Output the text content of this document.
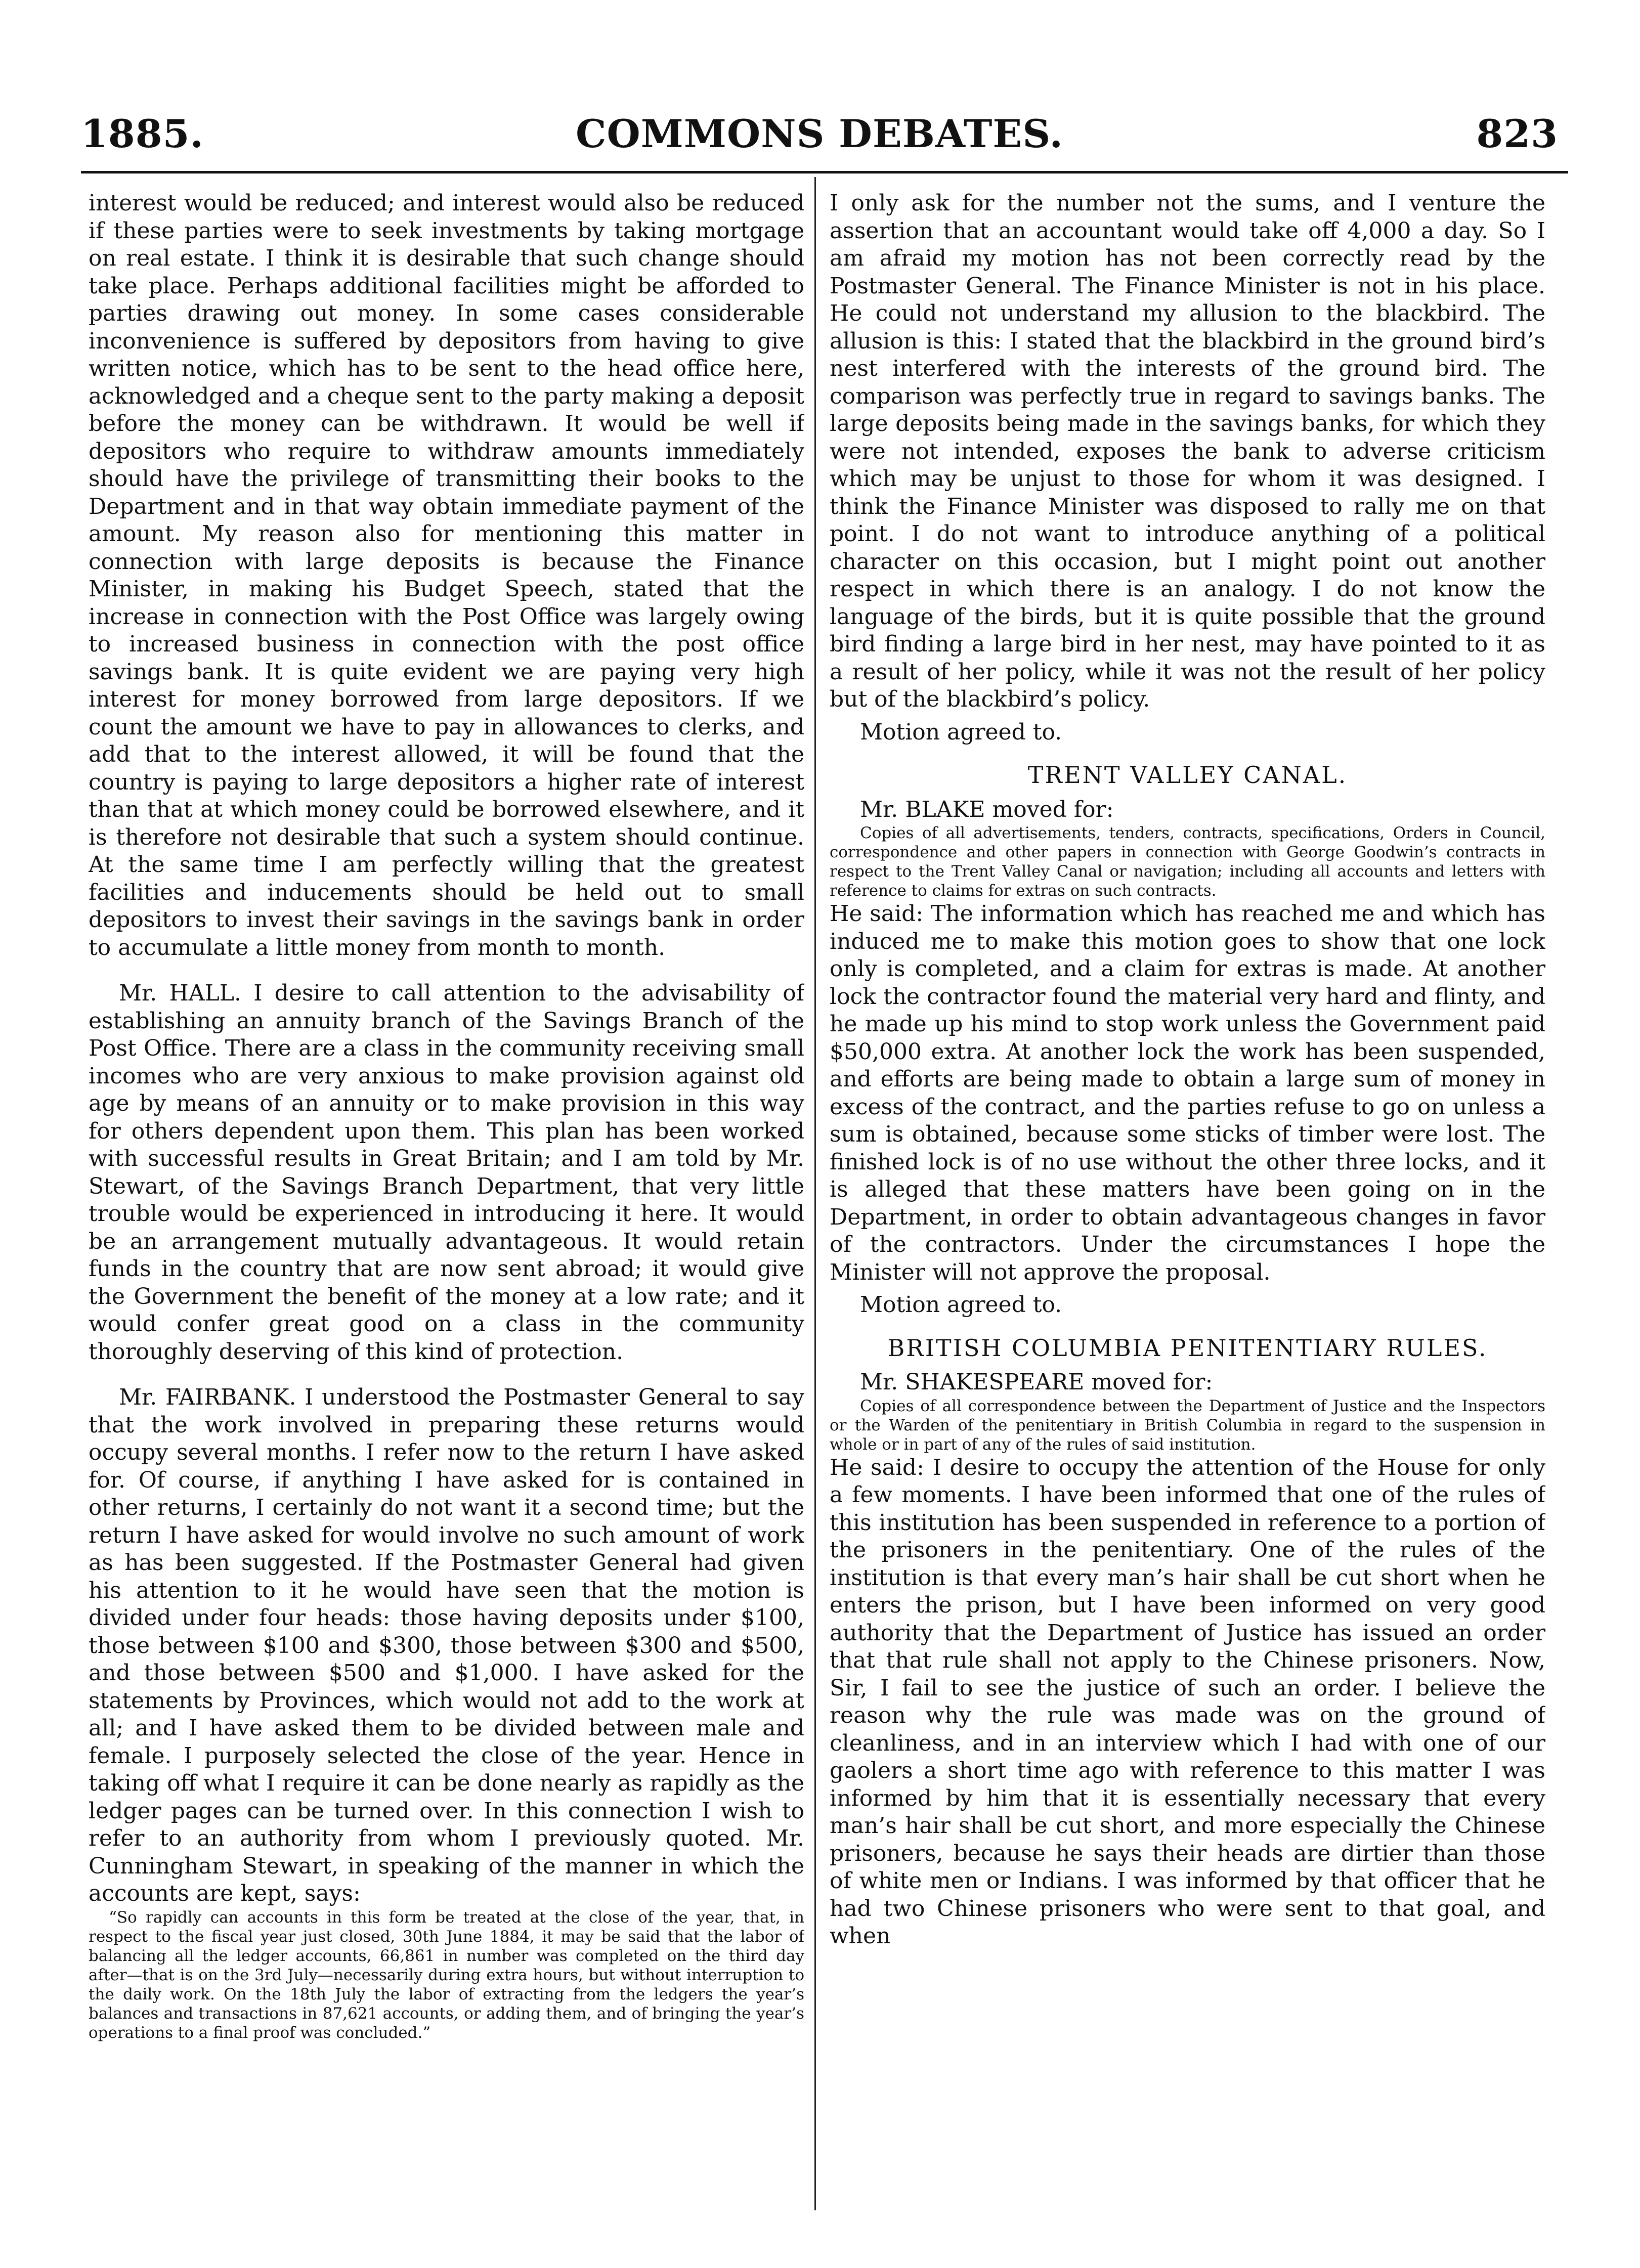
1885.	COMMONS DEBATES.	823

interest would be reduced; and interest would also be reduced if these parties were to seek investments by taking mortgage on real estate. I think it is desirable that such change should take place. Perhaps additional facilities might be afforded to parties drawing out money. In some cases considerable inconvenience is suffered by depositors from having to give written notice, which has to be sent to the head office here, acknowledged and a cheque sent to the party making a deposit before the money can be withdrawn. It would be well if depositors who require to withdraw amounts immediately should have the privilege of transmitting their books to the Department and in that way obtain immediate payment of the amount. My reason also for mentioning this matter in connection with large deposits is because the Finance Minister, in making his Budget Speech, stated that the increase in connection with the Post Office was largely owing to increased business in connection with the post office savings bank. It is quite evident we are paying very high interest for money borrowed from large depositors. If we count the amount we have to pay in allowances to clerks, and add that to the interest allowed, it will be found that the country is paying to large depositors a higher rate of interest than that at which money could be borrowed elsewhere, and it is therefore not desirable that such a system should continue. At the same time I am perfectly willing that the greatest facilities and inducements should be held out to small depositors to invest their savings in the savings bank in order to accumulate a little money from month to month.

Mr. HALL. I desire to call attention to the advisability of establishing an annuity branch of the Savings Branch of the Post Office. There are a class in the community receiving small incomes who are very anxious to make provision against old age by means of an annuity or to make provision in this way for others dependent upon them. This plan has been worked with successful results in Great Britain; and I am told by Mr. Stewart, of the Savings Branch Department, that very little trouble would be experienced in introducing it here. It would be an arrangement mutually advantageous. It would retain funds in the country that are now sent abroad; it would give the Government the benefit of the money at a low rate; and it would confer great good on a class in the community thoroughly deserving of this kind of protection.

Mr. FAIRBANK. I understood the Postmaster General to say that the work involved in preparing these returns would occupy several months. I refer now to the return I have asked for. Of course, if anything I have asked for is contained in other returns, I certainly do not want it a second time; but the return I have asked for would involve no such amount of work as has been suggested. If the Postmaster General had given his attention to it he would have seen that the motion is divided under four heads: those having deposits under $100, those between $100 and $300, those between $300 and $500, and those between $500 and $1,000. I have asked for the statements by Provinces, which would not add to the work at all; and I have asked them to be divided between male and female. I purposely selected the close of the year. Hence in taking off what I require it can be done nearly as rapidly as the ledger pages can be turned over. In this connection I wish to refer to an authority from whom I previously quoted. Mr. Cunningham Stewart, in speaking of the manner in which the accounts are kept, says:

“So rapidly can accounts in this form be treated at the close of the year, that, in respect to the fiscal year just closed, 30th June 1884, it may be said that the labor of balancing all the ledger accounts, 66,861 in number was completed on the third day after—that is on the 3rd July—necessarily during extra hours, but without interruption to the daily work. On the 18th July the labor of extracting from the ledgers the year’s balances and transactions in 87,621 accounts, or adding them, and of bringing the year’s operations to a final proof was concluded.”

I only ask for the number not the sums, and I venture the assertion that an accountant would take off 4,000 a day. So I am afraid my motion has not been correctly read by the Postmaster General. The Finance Minister is not in his place. He could not understand my allusion to the blackbird. The allusion is this: I stated that the blackbird in the ground bird’s nest interfered with the interests of the ground bird. The comparison was perfectly true in regard to savings banks. The large deposits being made in the savings banks, for which they were not intended, exposes the bank to adverse criticism which may be unjust to those for whom it was designed. I think the Finance Minister was disposed to rally me on that point. I do not want to introduce anything of a political character on this occasion, but I might point out another respect in which there is an analogy. I do not know the language of the birds, but it is quite possible that the ground bird finding a large bird in her nest, may have pointed to it as a result of her policy, while it was not the result of her policy but of the blackbird’s policy.

Motion agreed to.

TRENT VALLEY CANAL.

Mr. BLAKE moved for:

Copies of all advertisements, tenders, contracts, specifications, Orders in Council, correspondence and other papers in connection with George Goodwin’s contracts in respect to the Trent Valley Canal or navigation; including all accounts and letters with reference to claims for extras on such contracts.

He said: The information which has reached me and which has induced me to make this motion goes to show that one lock only is completed, and a claim for extras is made. At another lock the contractor found the material very hard and flinty, and he made up his mind to stop work unless the Government paid $50,000 extra. At another lock the work has been suspended, and efforts are being made to obtain a large sum of money in excess of the contract, and the parties refuse to go on unless a sum is obtained, because some sticks of timber were lost. The finished lock is of no use without the other three locks, and it is alleged that these matters have been going on in the Department, in order to obtain advantageous changes in favor of the contractors. Under the circumstances I hope the Minister will not approve the proposal.

Motion agreed to.

BRITISH COLUMBIA PENITENTIARY RULES.

Mr. SHAKESPEARE moved for:

Copies of all correspondence between the Department of Justice and the Inspectors or the Warden of the penitentiary in British Columbia in regard to the suspension in whole or in part of any of the rules of said institution.

He said: I desire to occupy the attention of the House for only a few moments. I have been informed that one of the rules of this institution has been suspended in reference to a portion of the prisoners in the penitentiary. One of the rules of the institution is that every man’s hair shall be cut short when he enters the prison, but I have been informed on very good authority that the Department of Justice has issued an order that that rule shall not apply to the Chinese prisoners. Now, Sir, I fail to see the justice of such an order. I believe the reason why the rule was made was on the ground of cleanliness, and in an interview which I had with one of our gaolers a short time ago with reference to this matter I was informed by him that it is essentially necessary that every man’s hair shall be cut short, and more especially the Chinese prisoners, because he says their heads are dirtier than those of white men or Indians. I was informed by that officer that he had two Chinese prisoners who were sent to that goal, and when
